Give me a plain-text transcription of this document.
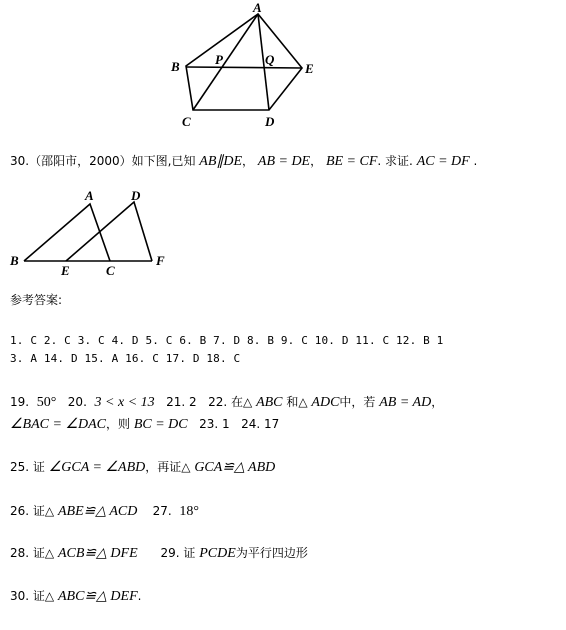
A
B	P	Q
E
C	D
30.（邵阳市，2000）如下图,已知 AB∥DE， AB = DE， BE = CF. 求证. AC = DF .
A	D
B
E	C
F
参考答案:
1. C 2. C 3. C 4. D 5. C 6. B 7. D 8. B 9. C 10. D 11. C 12. B 1
3. A 14. D 15. A 16. C 17. D 18. C
19. 50° 20. 3 < x < 13 21. 2 22. 在△ ABC 和△ ADC中，若 AB = AD，
∠BAC = ∠DAC，则 BC = DC 23. 1 24. 17
25. 证 ∠GCA = ∠ABD，再证△ GCA≌△ ABD
26. 证△ ABE≌△ ACD 27. 18°
28. 证△ ACB≌△ DFE 29. 证 PCDE为平行四边形
30. 证△ ABC≌△ DEF.
